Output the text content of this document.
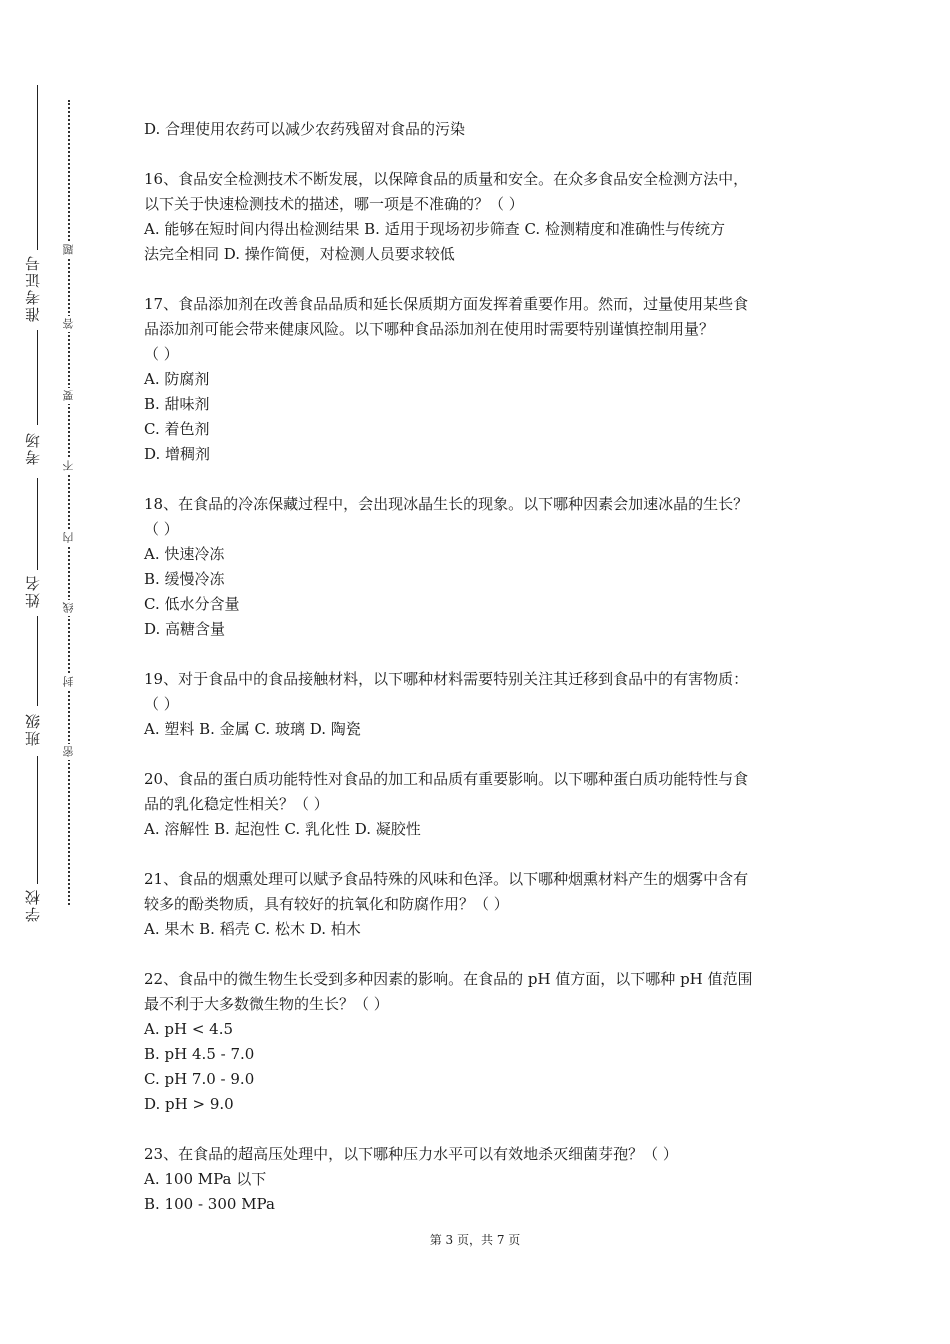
准考证号
考场
姓名
班级
学校
题
答
要
不
内
线
封
密

D. 合理使用农药可以减少农药残留对食品的污染

16、食品安全检测技术不断发展，以保障食品的质量和安全。在众多食品安全检测方法中，

以下关于快速检测技术的描述，哪一项是不准确的？（ ）

A. 能够在短时间内得出检测结果 B. 适用于现场初步筛查 C. 检测精度和准确性与传统方

法完全相同 D. 操作简便，对检测人员要求较低

17、食品添加剂在改善食品品质和延长保质期方面发挥着重要作用。然而，过量使用某些食

品添加剂可能会带来健康风险。以下哪种食品添加剂在使用时需要特别谨慎控制用量？

（ ）

A. 防腐剂

B. 甜味剂

C. 着色剂

D. 增稠剂

18、在食品的冷冻保藏过程中，会出现冰晶生长的现象。以下哪种因素会加速冰晶的生长？

（ ）

A. 快速冷冻

B. 缓慢冷冻

C. 低水分含量

D. 高糖含量

19、对于食品中的食品接触材料，以下哪种材料需要特别关注其迁移到食品中的有害物质：

（ ）

A. 塑料 B. 金属 C. 玻璃 D. 陶瓷

20、食品的蛋白质功能特性对食品的加工和品质有重要影响。以下哪种蛋白质功能特性与食

品的乳化稳定性相关？（ ）

A. 溶解性 B. 起泡性 C. 乳化性 D. 凝胶性

21、食品的烟熏处理可以赋予食品特殊的风味和色泽。以下哪种烟熏材料产生的烟雾中含有

较多的酚类物质，具有较好的抗氧化和防腐作用？（ ）

A. 果木 B. 稻壳 C. 松木 D. 柏木

22、食品中的微生物生长受到多种因素的影响。在食品的 pH 值方面，以下哪种 pH 值范围

最不利于大多数微生物的生长？（ ）

A. pH < 4.5

B. pH 4.5 - 7.0

C. pH 7.0 - 9.0

D. pH > 9.0

23、在食品的超高压处理中，以下哪种压力水平可以有效地杀灭细菌芽孢？（ ）

A. 100 MPa 以下

B. 100 - 300 MPa

第 3 页，共 7 页
